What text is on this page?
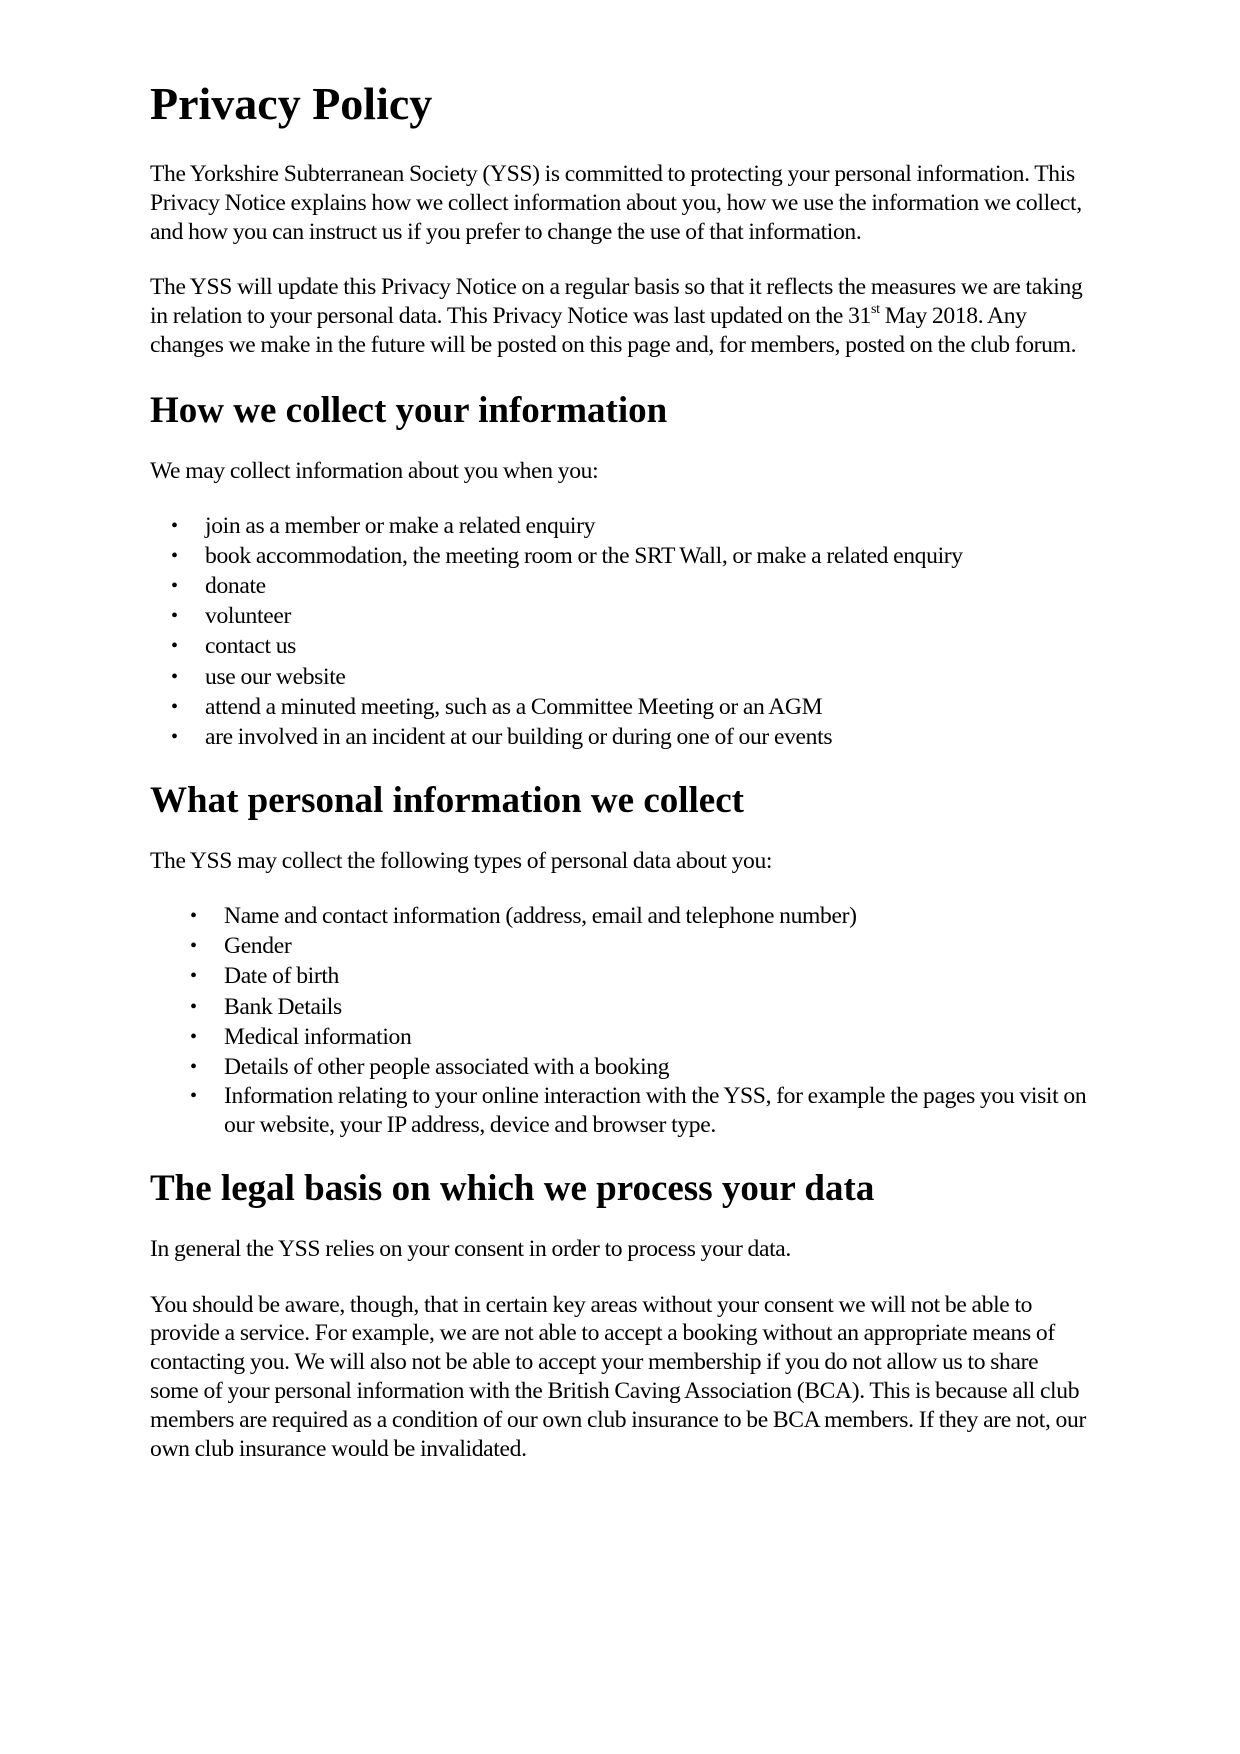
Privacy Policy

The Yorkshire Subterranean Society (YSS) is committed to protecting your personal information. This Privacy Notice explains how we collect information about you, how we use the information we collect, and how you can instruct us if you prefer to change the use of that information.

The YSS will update this Privacy Notice on a regular basis so that it reflects the measures we are taking in relation to your personal data. This Privacy Notice was last updated on the 31st May 2018. Any changes we make in the future will be posted on this page and, for members, posted on the club forum.

How we collect your information

We may collect information about you when you:

• join as a member or make a related enquiry
• book accommodation, the meeting room or the SRT Wall, or make a related enquiry
• donate
• volunteer
• contact us
• use our website
• attend a minuted meeting, such as a Committee Meeting or an AGM
• are involved in an incident at our building or during one of our events
What personal information we collect

The YSS may collect the following types of personal data about you:

• Name and contact information (address, email and telephone number)
• Gender
• Date of birth
• Bank Details
• Medical information
• Details of other people associated with a booking
• Information relating to your online interaction with the YSS, for example the pages you visit on our website, your IP address, device and browser type.
The legal basis on which we process your data

In general the YSS relies on your consent in order to process your data.

You should be aware, though, that in certain key areas without your consent we will not be able to provide a service. For example, we are not able to accept a booking without an appropriate means of contacting you. We will also not be able to accept your membership if you do not allow us to share some of your personal information with the British Caving Association (BCA). This is because all club members are required as a condition of our own club insurance to be BCA members. If they are not, our own club insurance would be invalidated.
